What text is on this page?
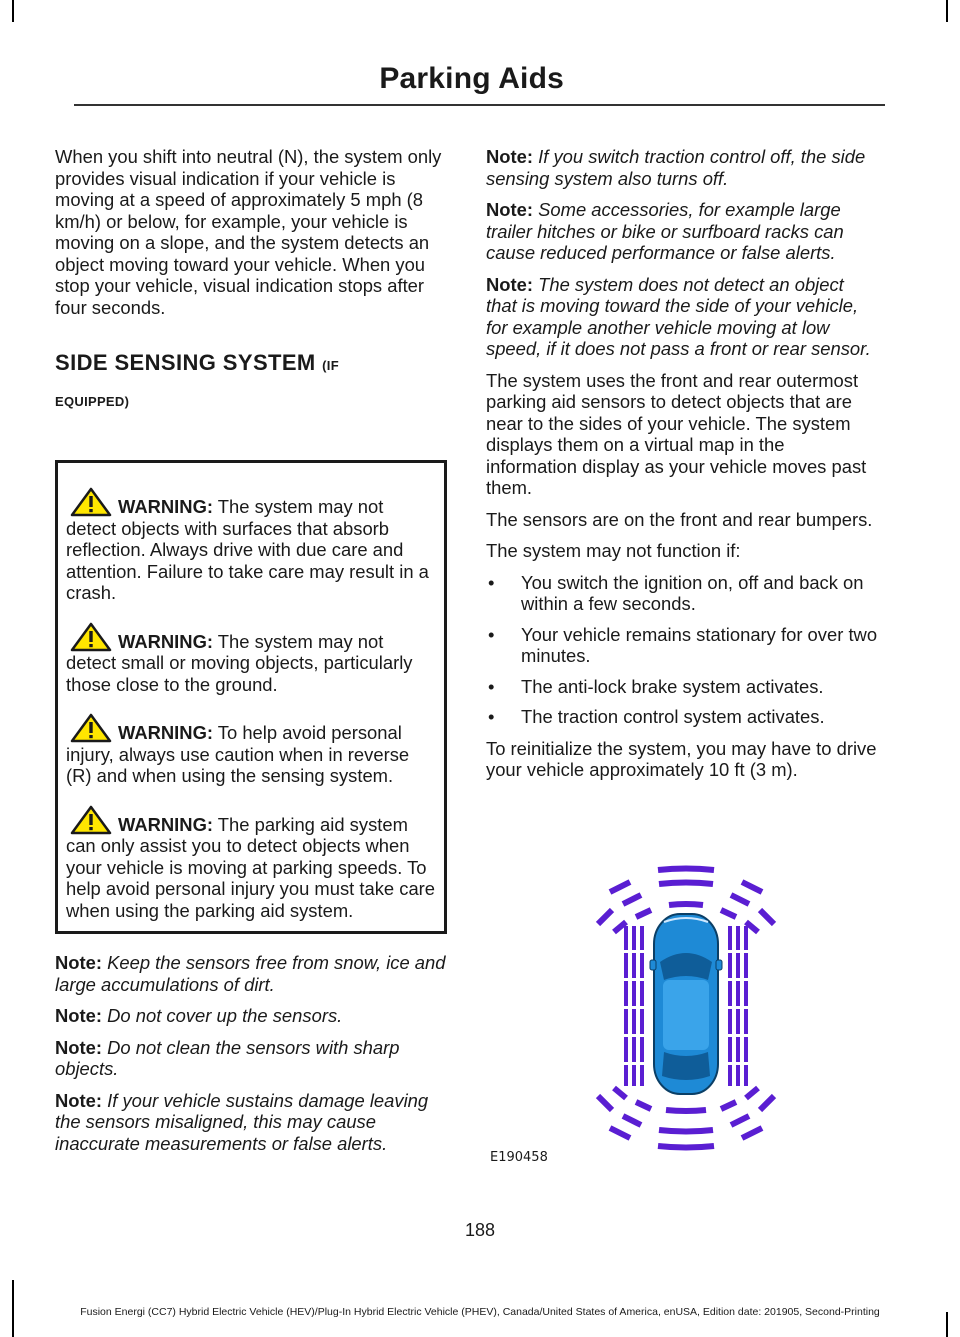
Parking Aids

When you shift into neutral (N), the system only provides visual indication if your vehicle is moving at a speed of approximately 5 mph (8 km/h) or below, for example, your vehicle is moving on a slope, and the system detects an object moving toward your vehicle. When you stop your vehicle, visual indication stops after four seconds.

SIDE SENSING SYSTEM (IF
EQUIPPED)
WARNING: The system may not detect objects with surfaces that absorb reflection. Always drive with due care and attention. Failure to take care may result in a crash.
WARNING: The system may not detect small or moving objects, particularly those close to the ground.
WARNING: To help avoid personal injury, always use caution when in reverse (R) and when using the sensing system.
WARNING: The parking aid system can only assist you to detect objects when your vehicle is moving at parking speeds. To help avoid personal injury you must take care when using the parking aid system.

Note: Keep the sensors free from snow, ice and large accumulations of dirt.

Note: Do not cover up the sensors.

Note: Do not clean the sensors with sharp objects.

Note: If your vehicle sustains damage leaving the sensors misaligned, this may cause inaccurate measurements or false alerts.

Note: If you switch traction control off, the side sensing system also turns off.

Note: Some accessories, for example large trailer hitches or bike or surfboard racks can cause reduced performance or false alerts.

Note: The system does not detect an object that is moving toward the side of your vehicle, for example another vehicle moving at low speed, if it does not pass a front or rear sensor.

The system uses the front and rear outermost parking aid sensors to detect objects that are near to the sides of your vehicle. The system displays them on a virtual map in the information display as your vehicle moves past them.

The sensors are on the front and rear bumpers.

The system may not function if:

• You switch the ignition on, off and back on within a few seconds.
• Your vehicle remains stationary for over two minutes.
• The anti-lock brake system activates.
• The traction control system activates.

To reinitialize the system, you may have to drive your vehicle approximately 10 ft (3 m).

E190458
188
Fusion Energi (CC7) Hybrid Electric Vehicle (HEV)/Plug-In Hybrid Electric Vehicle (PHEV), Canada/United States of America, enUSA, Edition date: 201905, Second-Printing
